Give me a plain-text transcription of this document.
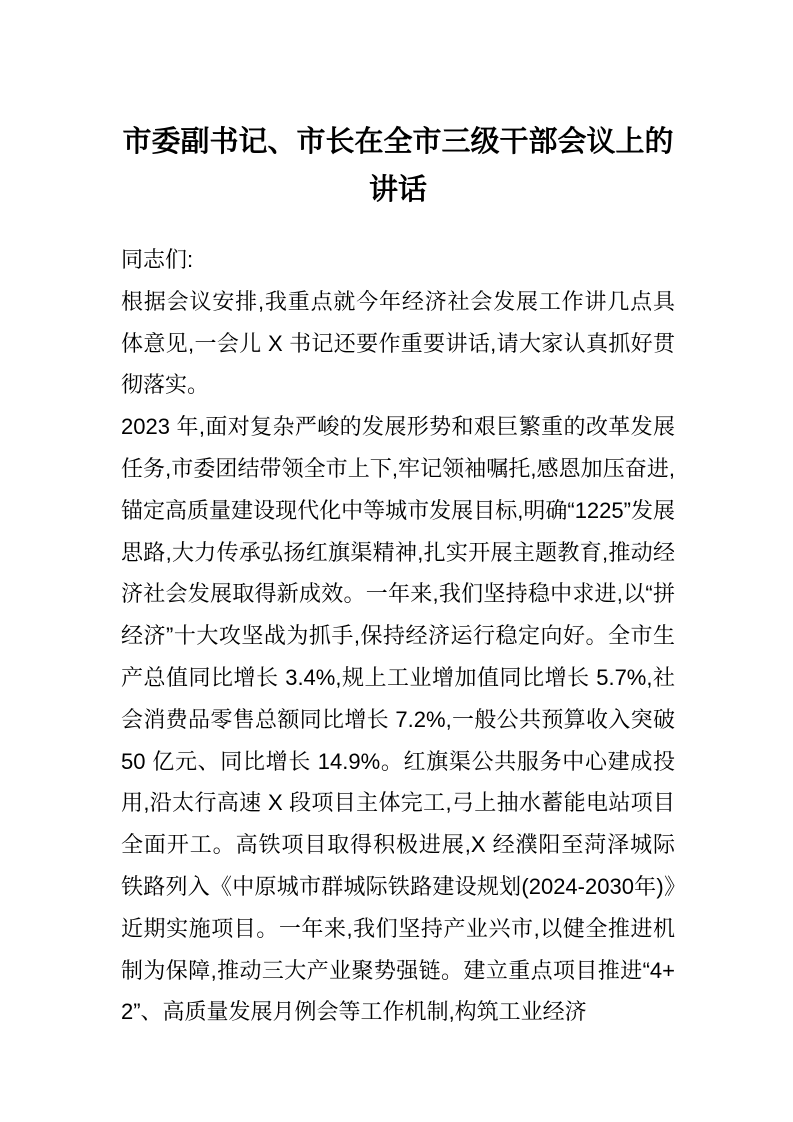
市委副书记、市长在全市三级干部会议上的讲话

同志们:

根据会议安排,我重点就今年经济社会发展工作讲几点具体意见,一会儿 X 书记还要作重要讲话,请大家认真抓好贯彻落实。

2023 年,面对复杂严峻的发展形势和艰巨繁重的改革发展任务,市委团结带领全市上下,牢记领袖嘱托,感恩加压奋进,锚定高质量建设现代化中等城市发展目标,明确“1225”发展思路,大力传承弘扬红旗渠精神,扎实开展主题教育,推动经济社会发展取得新成效。一年来,我们坚持稳中求进,以“拼经济”十大攻坚战为抓手,保持经济运行稳定向好。全市生产总值同比增长 3.4%,规上工业增加值同比增长 5.7%,社会消费品零售总额同比增长 7.2%,一般公共预算收入突破 50 亿元、同比增长 14.9%。红旗渠公共服务中心建成投用,沿太行高速 X 段项目主体完工,弓上抽水蓄能电站项目全面开工。高铁项目取得积极进展,X 经濮阳至菏泽城际铁路列入《中原城市群城际铁路建设规划(2024-2030年)》近期实施项目。一年来,我们坚持产业兴市,以健全推进机制为保障,推动三大产业聚势强链。建立重点项目推进“4+2”、高质量发展月例会等工作机制,构筑工业经济
